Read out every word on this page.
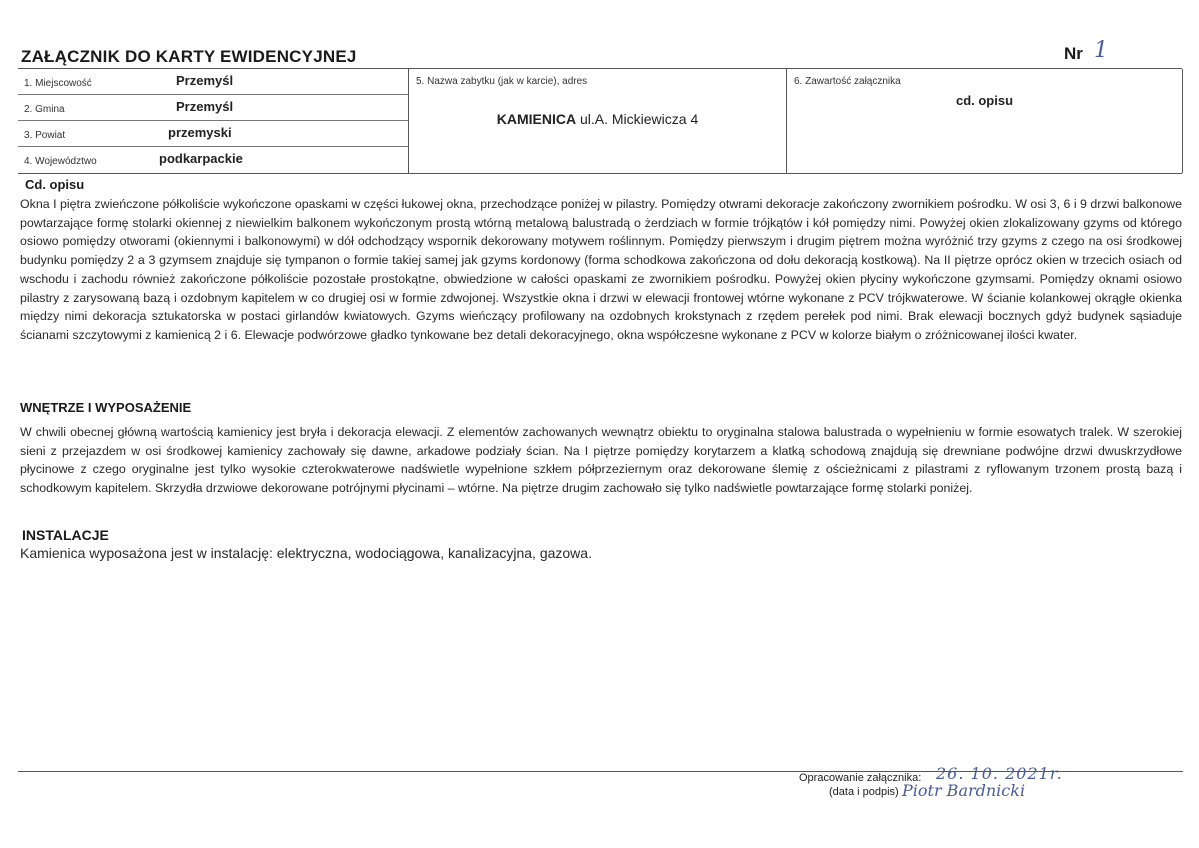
ZAŁĄCZNIK DO KARTY EWIDENCYJNEJ	Nr 1
1. Miejscowość	Przemyśl
2. Gmina	Przemyśl
3. Powiat	przemyski
4. Województwo	podkarpackie
5. Nazwa zabytku (jak w karcie), adres
KAMIENICA ul.A. Mickiewicza 4
6. Zawartość załącznika
cd. opisu
Cd. opisu
Okna I piętra zwieńczone półkoliście wykończone opaskami w części łukowej okna, przechodzące poniżej w pilastry. Pomiędzy otwrami dekoracje zakończony zwornikiem pośrodku. W osi 3, 6 i 9 drzwi balkonowe powtarzające formę stolarki okiennej z niewielkim balkonem wykończonym prostą wtórną metalową balustradą o żerdziach w formie trójkątów i kół pomiędzy nimi. Powyżej okien zlokalizowany gzyms od którego osiowo pomiędzy otworami (okiennymi i balkonowymi) w dół odchodzący wspornik dekorowany motywem roślinnym. Pomiędzy pierwszym i drugim piętrem można wyróżnić trzy gzyms z czego na osi środkowej budynku pomiędzy 2 a 3 gzymsem znajduje się tympanon o formie takiej samej jak gzyms kordonowy (forma schodkowa zakończona od dołu dekoracją kostkową). Na II piętrze oprócz okien w trzecich osiach od wschodu i zachodu również zakończone półkoliście pozostałe prostokątne, obwiedzione w całości opaskami ze zwornikiem pośrodku. Powyżej okien płyciny wykończone gzymsami. Pomiędzy oknami osiowo pilastry z zarysowaną bazą i ozdobnym kapitelem w co drugiej osi w formie zdwojonej. Wszystkie okna i drzwi w elewacji frontowej wtórne wykonane z PCV trójkwaterowe. W ścianie kolankowej okrągłe okienka między nimi dekoracja sztukatorska w postaci girlandów kwiatowych. Gzyms wieńczący profilowany na ozdobnych krokstynach z rzędem perełek pod nimi. Brak elewacji bocznych gdyż budynek sąsiaduje ścianami szczytowymi z kamienicą 2 i 6. Elewacje podwórzowe gładko tynkowane bez detali dekoracyjnego, okna współczesne wykonane z PCV w kolorze białym o zróżnicowanej ilości kwater.
WNĘTRZE I WYPOSAŻENIE
W chwili obecnej główną wartością kamienicy jest bryła i dekoracja elewacji. Z elementów zachowanych wewnątrz obiektu to oryginalna stalowa balustrada o wypełnieniu w formie esowatych tralek. W szerokiej sieni z przejazdem w osi środkowej kamienicy zachowały się dawne, arkadowe podziały ścian. Na I piętrze pomiędzy korytarzem a klatką schodową znajdują się drewniane podwójne drzwi dwuskrzydłowe płycinowe z czego oryginalne jest tylko wysokie czterokwaterowe nadświetle wypełnione szkłem półprzeziernym oraz dekorowane ślemię z ościeżnicami z pilastrami z ryflowanym trzonem prostą bazą i schodkowym kapitelem. Skrzydła drzwiowe dekorowane potrójnymi płycinami – wtórne. Na piętrze drugim zachowało się tylko nadświetle powtarzające formę stolarki poniżej.
INSTALACJE
Kamienica wyposażona jest w instalację: elektryczna, wodociągowa, kanalizacyjna, gazowa.
Opracowanie załącznika:
(data i podpis)
26. 10. 2021r.
Piotr Bardnicki
